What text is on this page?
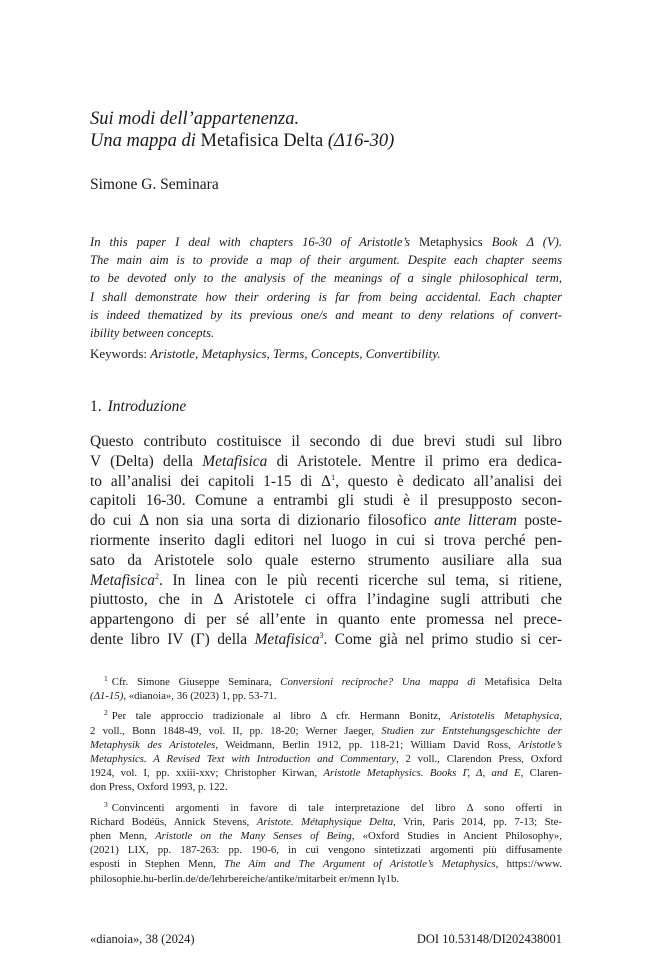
Sui modi dell’appartenenza.
Una mappa di Metafisica Delta (Δ16-30)
Simone G. Seminara
In this paper I deal with chapters 16-30 of Aristotle’s Metaphysics Book Δ (V).
The main aim is to provide a map of their argument. Despite each chapter seems
to be devoted only to the analysis of the meanings of a single philosophical term,
I shall demonstrate how their ordering is far from being accidental. Each chapter
is indeed thematized by its previous one/s and meant to deny relations of convert-
ibility between concepts.
Keywords: Aristotle, Metaphysics, Terms, Concepts, Convertibility.
1. Introduzione
Questo contributo costituisce il secondo di due brevi studi sul libro
V (Delta) della Metafisica di Aristotele. Mentre il primo era dedica-
to all’analisi dei capitoli 1-15 di $\Delta^1$, questo è dedicato all’analisi dei
capitoli 16-30. Comune a entrambi gli studi è il presupposto secon-
do cui Δ non sia una sorta di dizionario filosofico ante litteram poste-
riormente inserito dagli editori nel luogo in cui si trova perché pen-
sato da Aristotele solo quale esterno strumento ausiliare alla sua
Metafisica$^2$. In linea con le più recenti ricerche sul tema, si ritiene,
piuttosto, che in Δ Aristotele ci offra l’indagine sugli attributi che
appartengono di per sé all’ente in quanto ente promessa nel prece-
dente libro IV (Γ) della Metafisica$^3$. Come già nel primo studio si cer-
$^1$ Cfr. Simone Giuseppe Seminara, Conversioni reciproche? Una mappa di Metafisica Delta
(Δ1-15), «dianoia», 36 (2023) 1, pp. 53-71.
$^2$ Per tale approccio tradizionale al libro Δ cfr. Hermann Bonitz, Aristotelis Metaphysica,
2 voll., Bonn 1848-49, vol. II, pp. 18-20; Werner Jaeger, Studien zur Entstehungsgeschichte der
Metaphysik des Aristoteles, Weidmann, Berlin 1912, pp. 118-21; William David Ross, Aristotle’s
Metaphysics. A Revised Text with Introduction and Commentary, 2 voll., Clarendon Press, Oxford
1924, vol. I, pp. xxiii-xxv; Christopher Kirwan, Aristotle Metaphysics. Books Γ, Δ, and E, Claren-
don Press, Oxford 1993, p. 122.
$^3$ Convincenti argomenti in favore di tale interpretazione del libro Δ sono offerti in
Richard Bodéüs, Annick Stevens, Aristote. Métaphysique Delta, Vrin, Paris 2014, pp. 7-13; Ste-
phen Menn, Aristotle on the Many Senses of Being, «Oxford Studies in Ancient Philosophy»,
(2021) LIX, pp. 187-263: pp. 190-6, in cui vengono sintetizzati argomenti più diffusamente
esposti in Stephen Menn, The Aim and The Argument of Aristotle’s Metaphysics, https://www.
philosophie.hu-berlin.de/de/lehrbereiche/antike/mitarbeit er/menn Iγ1b.
«dianoia», 38 (2024)	DOI 10.53148/DI202438001
